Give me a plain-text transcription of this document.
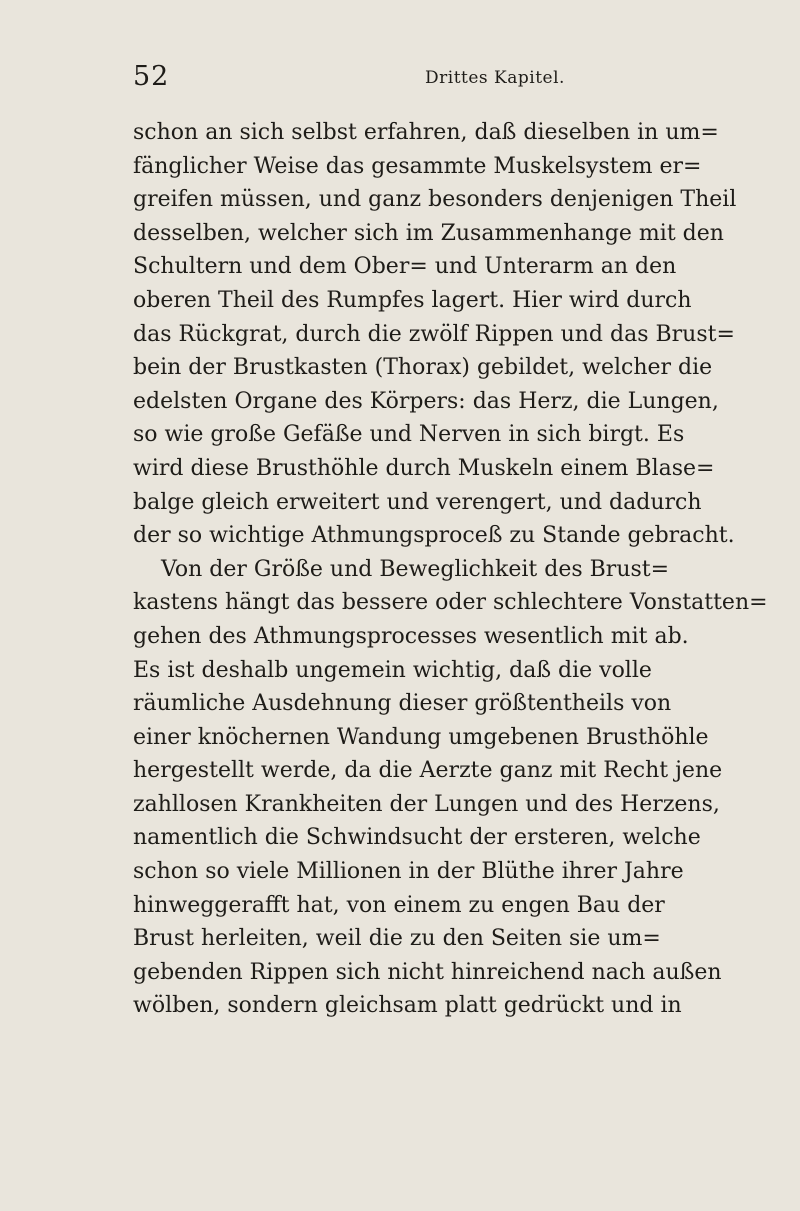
52	Drittes Kapitel.
schon an sich selbst erfahren, daß dieselben in um=
fänglicher Weise das gesammte Muskelsystem er=
greifen müssen, und ganz besonders denjenigen Theil
desselben, welcher sich im Zusammenhange mit den
Schultern und dem Ober= und Unterarm an den
oberen Theil des Rumpfes lagert. Hier wird durch
das Rückgrat, durch die zwölf Rippen und das Brust=
bein der Brustkasten (Thorax) gebildet, welcher die
edelsten Organe des Körpers: das Herz, die Lungen,
so wie große Gefäße und Nerven in sich birgt. Es
wird diese Brusthöhle durch Muskeln einem Blase=
balge gleich erweitert und verengert, und dadurch
der so wichtige Athmungsproceß zu Stande gebracht.
Von der Größe und Beweglichkeit des Brust=
kastens hängt das bessere oder schlechtere Vonstatten=
gehen des Athmungsprocesses wesentlich mit ab.
Es ist deshalb ungemein wichtig, daß die volle
räumliche Ausdehnung dieser größtentheils von
einer knöchernen Wandung umgebenen Brusthöhle
hergestellt werde, da die Aerzte ganz mit Recht jene
zahllosen Krankheiten der Lungen und des Herzens,
namentlich die Schwindsucht der ersteren, welche
schon so viele Millionen in der Blüthe ihrer Jahre
hinweggerafft hat, von einem zu engen Bau der
Brust herleiten, weil die zu den Seiten sie um=
gebenden Rippen sich nicht hinreichend nach außen
wölben, sondern gleichsam platt gedrückt und in
